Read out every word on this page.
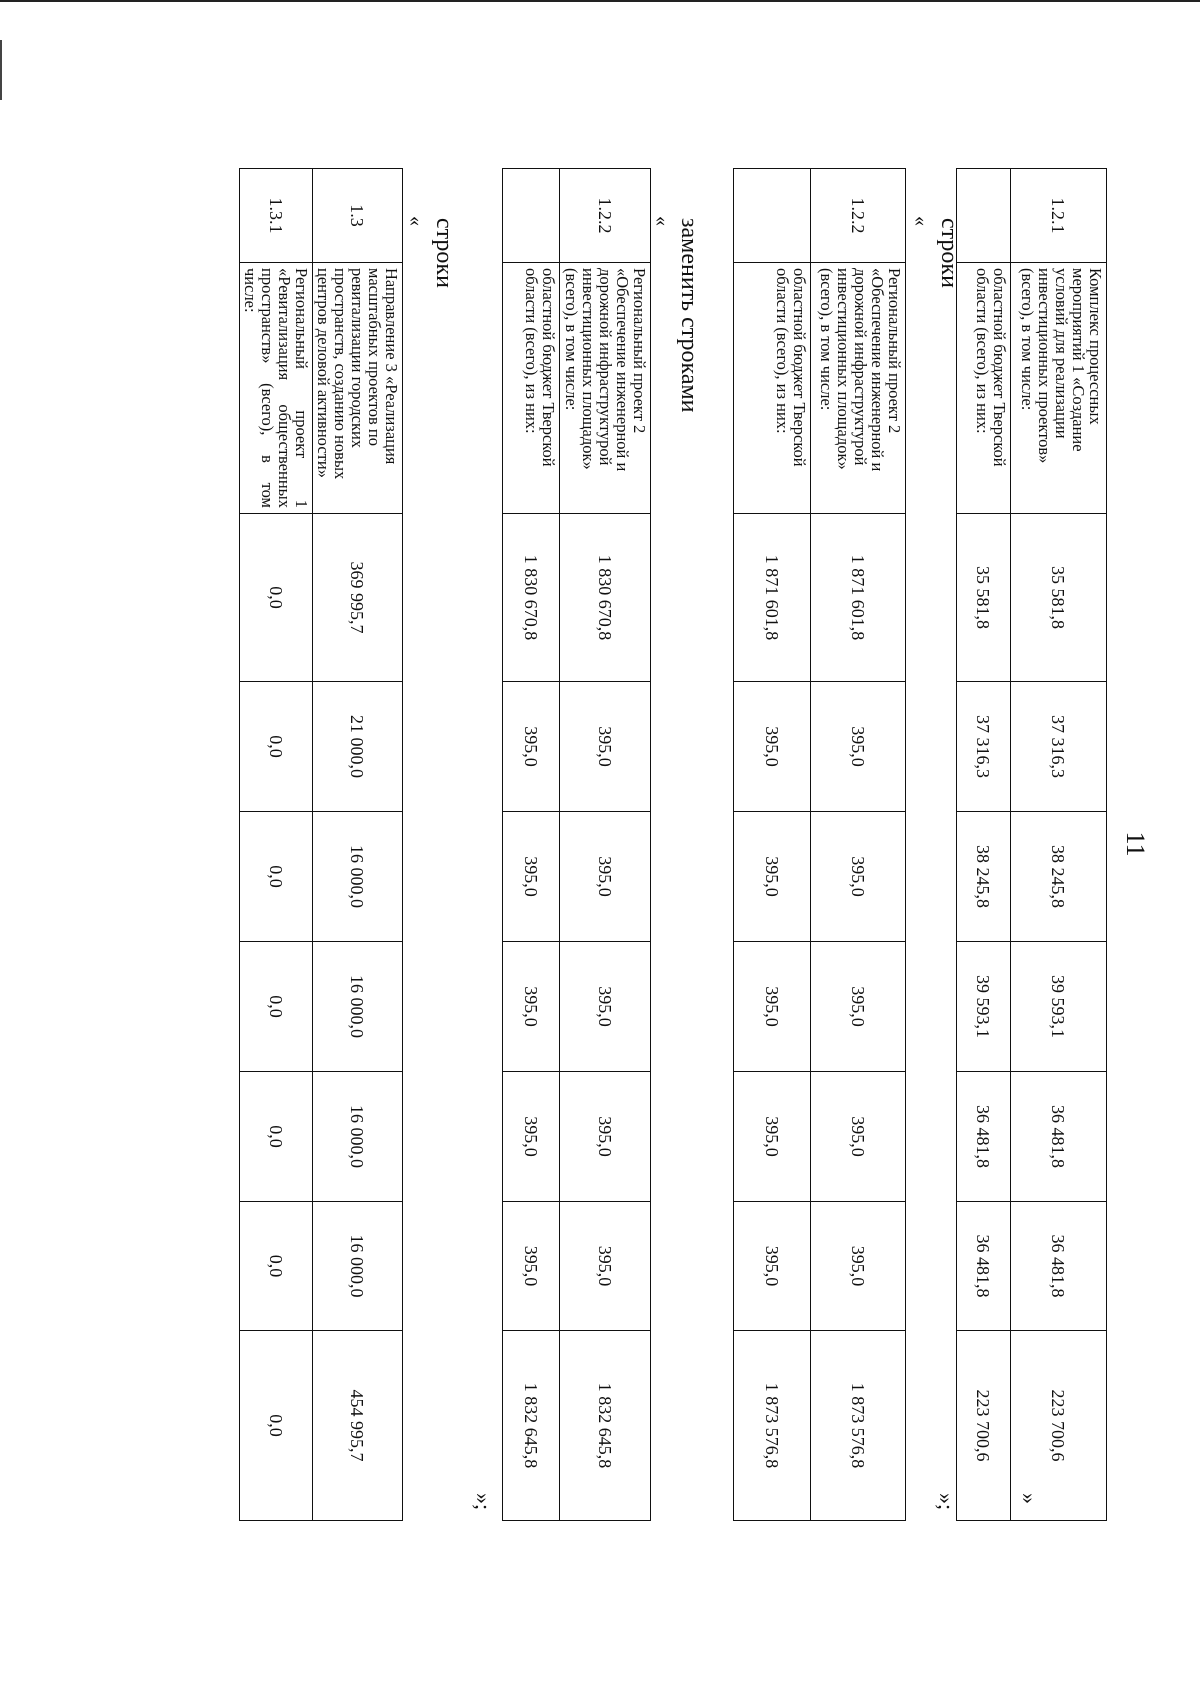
11
1.2.1	Комплекс процессных мероприятий 1 «Создание условий для реализации инвестиционных проектов» (всего), в том числе:	35 581,8	37 316,3	38 245,8	39 593,1	36 481,8	36 481,8	223 700,6
	областной бюджет Тверской области (всего), из них:	35 581,8	37 316,3	38 245,8	39 593,1	36 481,8	36 481,8	223 700,6
»;
строки
«
1.2.2	Региональный проект 2 «Обеспечение инженерной и дорожной инфраструктурой инвестиционных площадок» (всего), в том числе:	1 871 601,8	395,0	395,0	395,0	395,0	395,0	1 873 576,8
	областной бюджет Тверской области (всего), из них:	1 871 601,8	395,0	395,0	395,0	395,0	395,0	1 873 576,8
»
заменить строками
«
1.2.2	Региональный проект 2 «Обеспечение инженерной и дорожной инфраструктурой инвестиционных площадок» (всего), в том числе:	1 830 670,8	395,0	395,0	395,0	395,0	395,0	1 832 645,8
	областной бюджет Тверской области (всего), из них:	1 830 670,8	395,0	395,0	395,0	395,0	395,0	1 832 645,8
»;
строки
«
1.3	Направление 3 «Реализация масштабных проектов по ревитализации городских пространств, созданию новых центров деловой активности»	369 995,7	21 000,0	16 000,0	16 000,0	16 000,0	16 000,0	454 995,7
1.3.1	Региональный проект 1 «Ревитализация общественных пространств» (всего), в том числе:	0,0	0,0	0,0	0,0	0,0	0,0	0,0
